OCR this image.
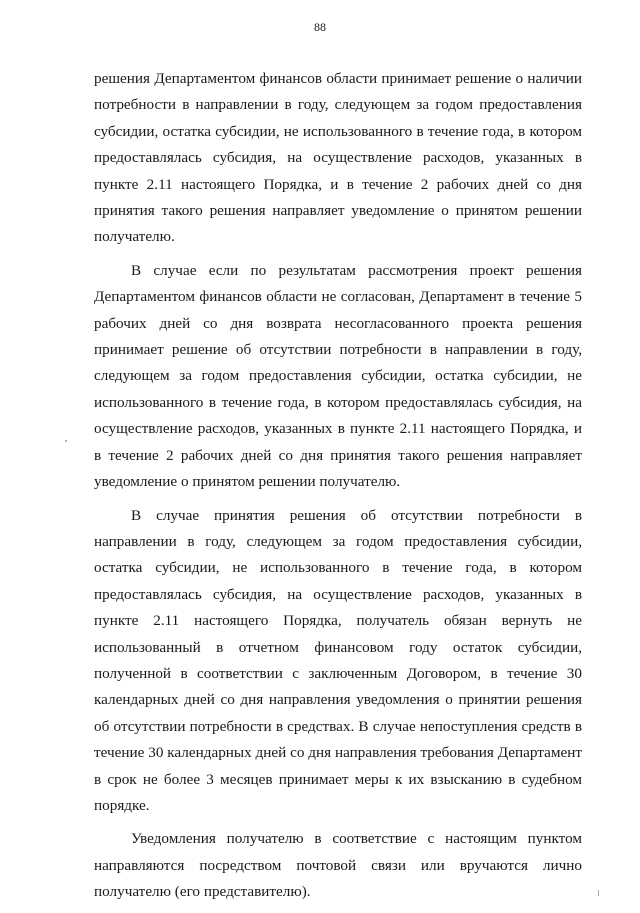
88

решения Департаментом финансов области принимает решение о наличии потребности в направлении в году, следующем за годом предоставления субсидии, остатка субсидии, не использованного в течение года, в котором предоставлялась субсидия, на осуществление расходов, указанных в пункте 2.11 настоящего Порядка, и в течение 2 рабочих дней со дня принятия такого решения направляет уведомление о принятом решении получателю.

В случае если по результатам рассмотрения проект решения Департаментом финансов области не согласован, Департамент в течение 5 рабочих дней со дня возврата несогласованного проекта решения принимает решение об отсутствии потребности в направлении в году, следующем за годом предоставления субсидии, остатка субсидии, не использованного в течение года, в котором предоставлялась субсидия, на осуществление расходов, указанных в пункте 2.11 настоящего Порядка, и в течение 2 рабочих дней со дня принятия такого решения направляет уведомление о принятом решении получателю.

В случае принятия решения об отсутствии потребности в направлении в году, следующем за годом предоставления субсидии, остатка субсидии, не использованного в течение года, в котором предоставлялась субсидия, на осуществление расходов, указанных в пункте 2.11 настоящего Порядка, получатель обязан вернуть не использованный в отчетном финансовом году остаток субсидии, полученной в соответствии с заключенным Договором, в течение 30 календарных дней со дня направления уведомления о принятии решения об отсутствии потребности в средствах. В случае непоступления средств в течение 30 календарных дней со дня направления требования Департамент в срок не более 3 месяцев принимает меры к их взысканию в судебном порядке.

Уведомления получателю в соответствие с настоящим пунктом направляются посредством почтовой связи или вручаются лично получателю (его представителю).
